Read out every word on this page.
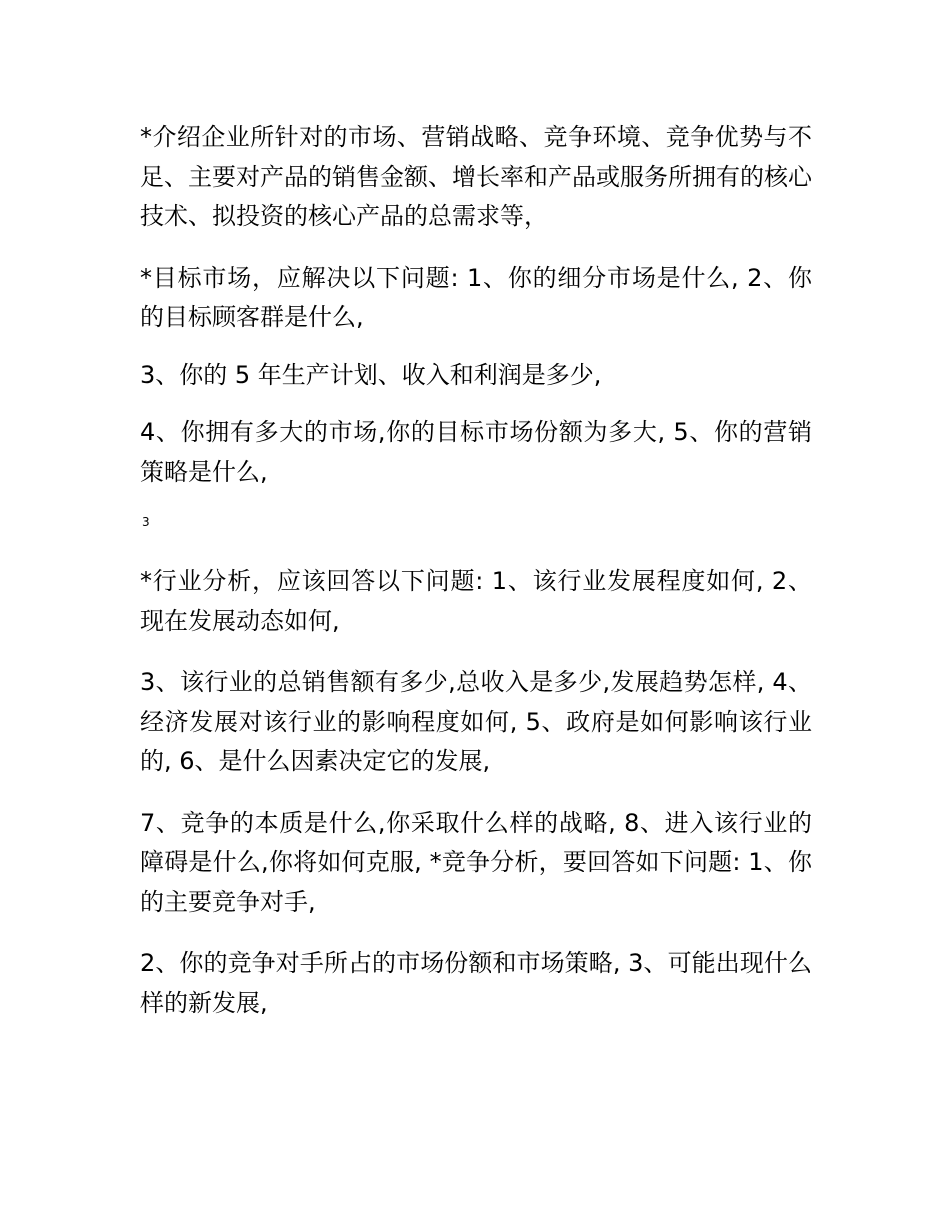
*介绍企业所针对的市场、营销战略、竞争环境、竞争优势与不足、主要对产品的销售金额、增长率和产品或服务所拥有的核心技术、拟投资的核心产品的总需求等，

*目标市场，应解决以下问题: 1、你的细分市场是什么, 2、你的目标顾客群是什么,

3、你的 5 年生产计划、收入和利润是多少,

4、你拥有多大的市场,你的目标市场份额为多大, 5、你的营销策略是什么,

3

*行业分析，应该回答以下问题: 1、该行业发展程度如何, 2、现在发展动态如何,

3、该行业的总销售额有多少,总收入是多少,发展趋势怎样, 4、经济发展对该行业的影响程度如何, 5、政府是如何影响该行业的, 6、是什么因素决定它的发展,

7、竞争的本质是什么,你采取什么样的战略, 8、进入该行业的障碍是什么,你将如何克服, *竞争分析，要回答如下问题: 1、你的主要竞争对手,

2、你的竞争对手所占的市场份额和市场策略, 3、可能出现什么样的新发展,
